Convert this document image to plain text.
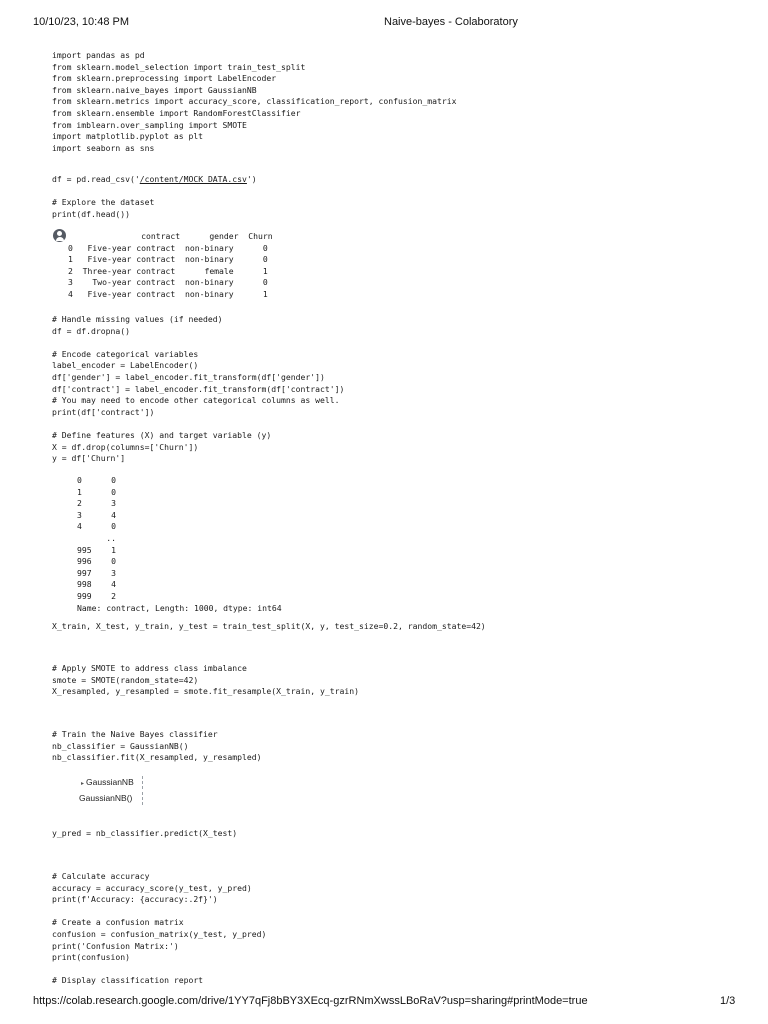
10/10/23, 10:48 PM	Naive-bayes - Colaboratory
import pandas as pd
from sklearn.model_selection import train_test_split
from sklearn.preprocessing import LabelEncoder
from sklearn.naive_bayes import GaussianNB
from sklearn.metrics import accuracy_score, classification_report, confusion_matrix
from sklearn.ensemble import RandomForestClassifier
from imblearn.over_sampling import SMOTE
import matplotlib.pyplot as plt
import seaborn as sns
df = pd.read_csv('/content/MOCK_DATA.csv')
# Explore the dataset
print(df.head())
contract      gender  Churn
0   Five-year contract  non-binary      0
1   Five-year contract  non-binary      0
2  Three-year contract      female      1
3    Two-year contract  non-binary      0
4   Five-year contract  non-binary      1
# Handle missing values (if needed)
df = df.dropna()

# Encode categorical variables
label_encoder = LabelEncoder()
df['gender'] = label_encoder.fit_transform(df['gender'])
df['contract'] = label_encoder.fit_transform(df['contract'])
# You may need to encode other categorical columns as well.
print(df['contract'])

# Define features (X) and target variable (y)
X = df.drop(columns=['Churn'])
y = df['Churn']
0      0
1      0
2      3
3      4
4      0
..
995    1
996    0
997    3
998    4
999    2
Name: contract, Length: 1000, dtype: int64
X_train, X_test, y_train, y_test = train_test_split(X, y, test_size=0.2, random_state=42)
# Apply SMOTE to address class imbalance
smote = SMOTE(random_state=42)
X_resampled, y_resampled = smote.fit_resample(X_train, y_train)
# Train the Naive Bayes classifier
nb_classifier = GaussianNB()
nb_classifier.fit(X_resampled, y_resampled)
▸ GaussianNB
GaussianNB()
y_pred = nb_classifier.predict(X_test)
# Calculate accuracy
accuracy = accuracy_score(y_test, y_pred)
print(f'Accuracy: {accuracy:.2f}')

# Create a confusion matrix
confusion = confusion_matrix(y_test, y_pred)
print('Confusion Matrix:')
print(confusion)

# Display classification report
https://colab.research.google.com/drive/1YY7qFj8bBY3XEcq-gzrRNmXwssLBoRaV?usp=sharing#printMode=true	1/3
